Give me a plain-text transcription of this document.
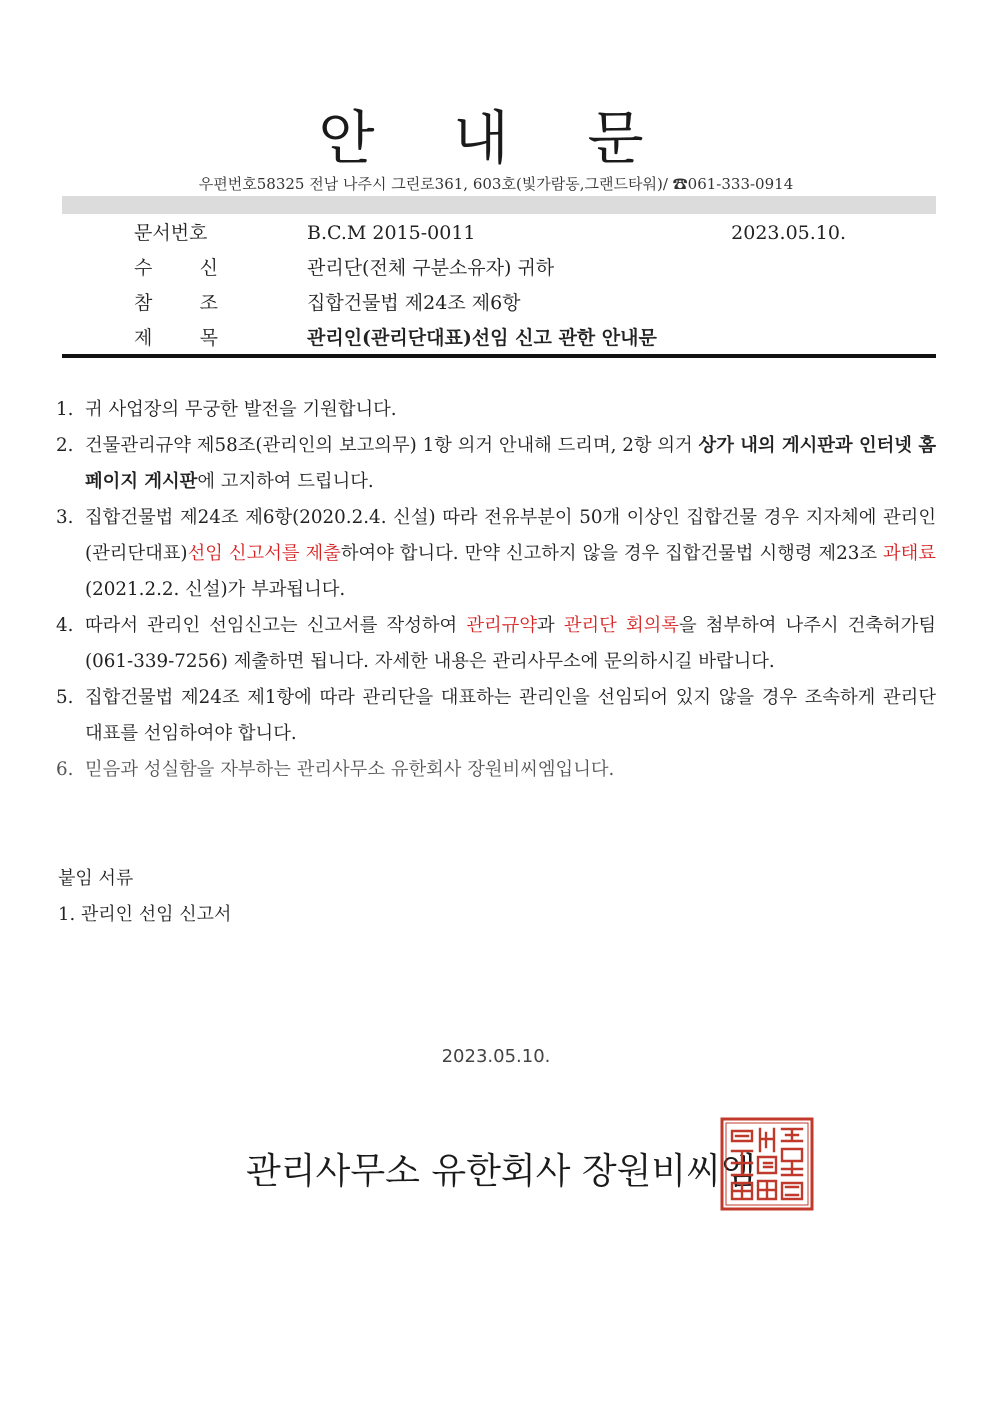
안 내 문
우편번호58325 전남 나주시 그린로361, 603호(빛가람동,그랜드타워)/ ☎061-333-0914
문서번호	B.C.M 2015-0011	2023.05.10.
수 신	관리단(전체 구분소유자) 귀하
참 조	집합건물법 제24조 제6항
제 목	관리인(관리단대표)선임 신고 관한 안내문
1. 귀 사업장의 무궁한 발전을 기원합니다.
2. 건물관리규약 제58조(관리인의 보고의무) 1항 의거 안내해 드리며, 2항 의거 상가 내의 게시판과 인터넷 홈페이지 게시판에 고지하여 드립니다.
3. 집합건물법 제24조 제6항(2020.2.4. 신설) 따라 전유부분이 50개 이상인 집합건물 경우 지자체에 관리인(관리단대표)선임 신고서를 제출하여야 합니다. 만약 신고하지 않을 경우 집합건물법 시행령 제23조 과태료(2021.2.2. 신설)가 부과됩니다.
4. 따라서 관리인 선임신고는 신고서를 작성하여 관리규약과 관리단 회의록을 첨부하여 나주시 건축허가팀(061-339-7256) 제출하면 됩니다. 자세한 내용은 관리사무소에 문의하시길 바랍니다.
5. 집합건물법 제24조 제1항에 따라 관리단을 대표하는 관리인을 선임되어 있지 않을 경우 조속하게 관리단 대표를 선임하여야 합니다.
6. 믿음과 성실함을 자부하는 관리사무소 유한회사 장원비씨엠입니다.
붙임 서류
1. 관리인 선임 신고서
2023.05.10.
관리사무소 유한회사 장원비씨엠
